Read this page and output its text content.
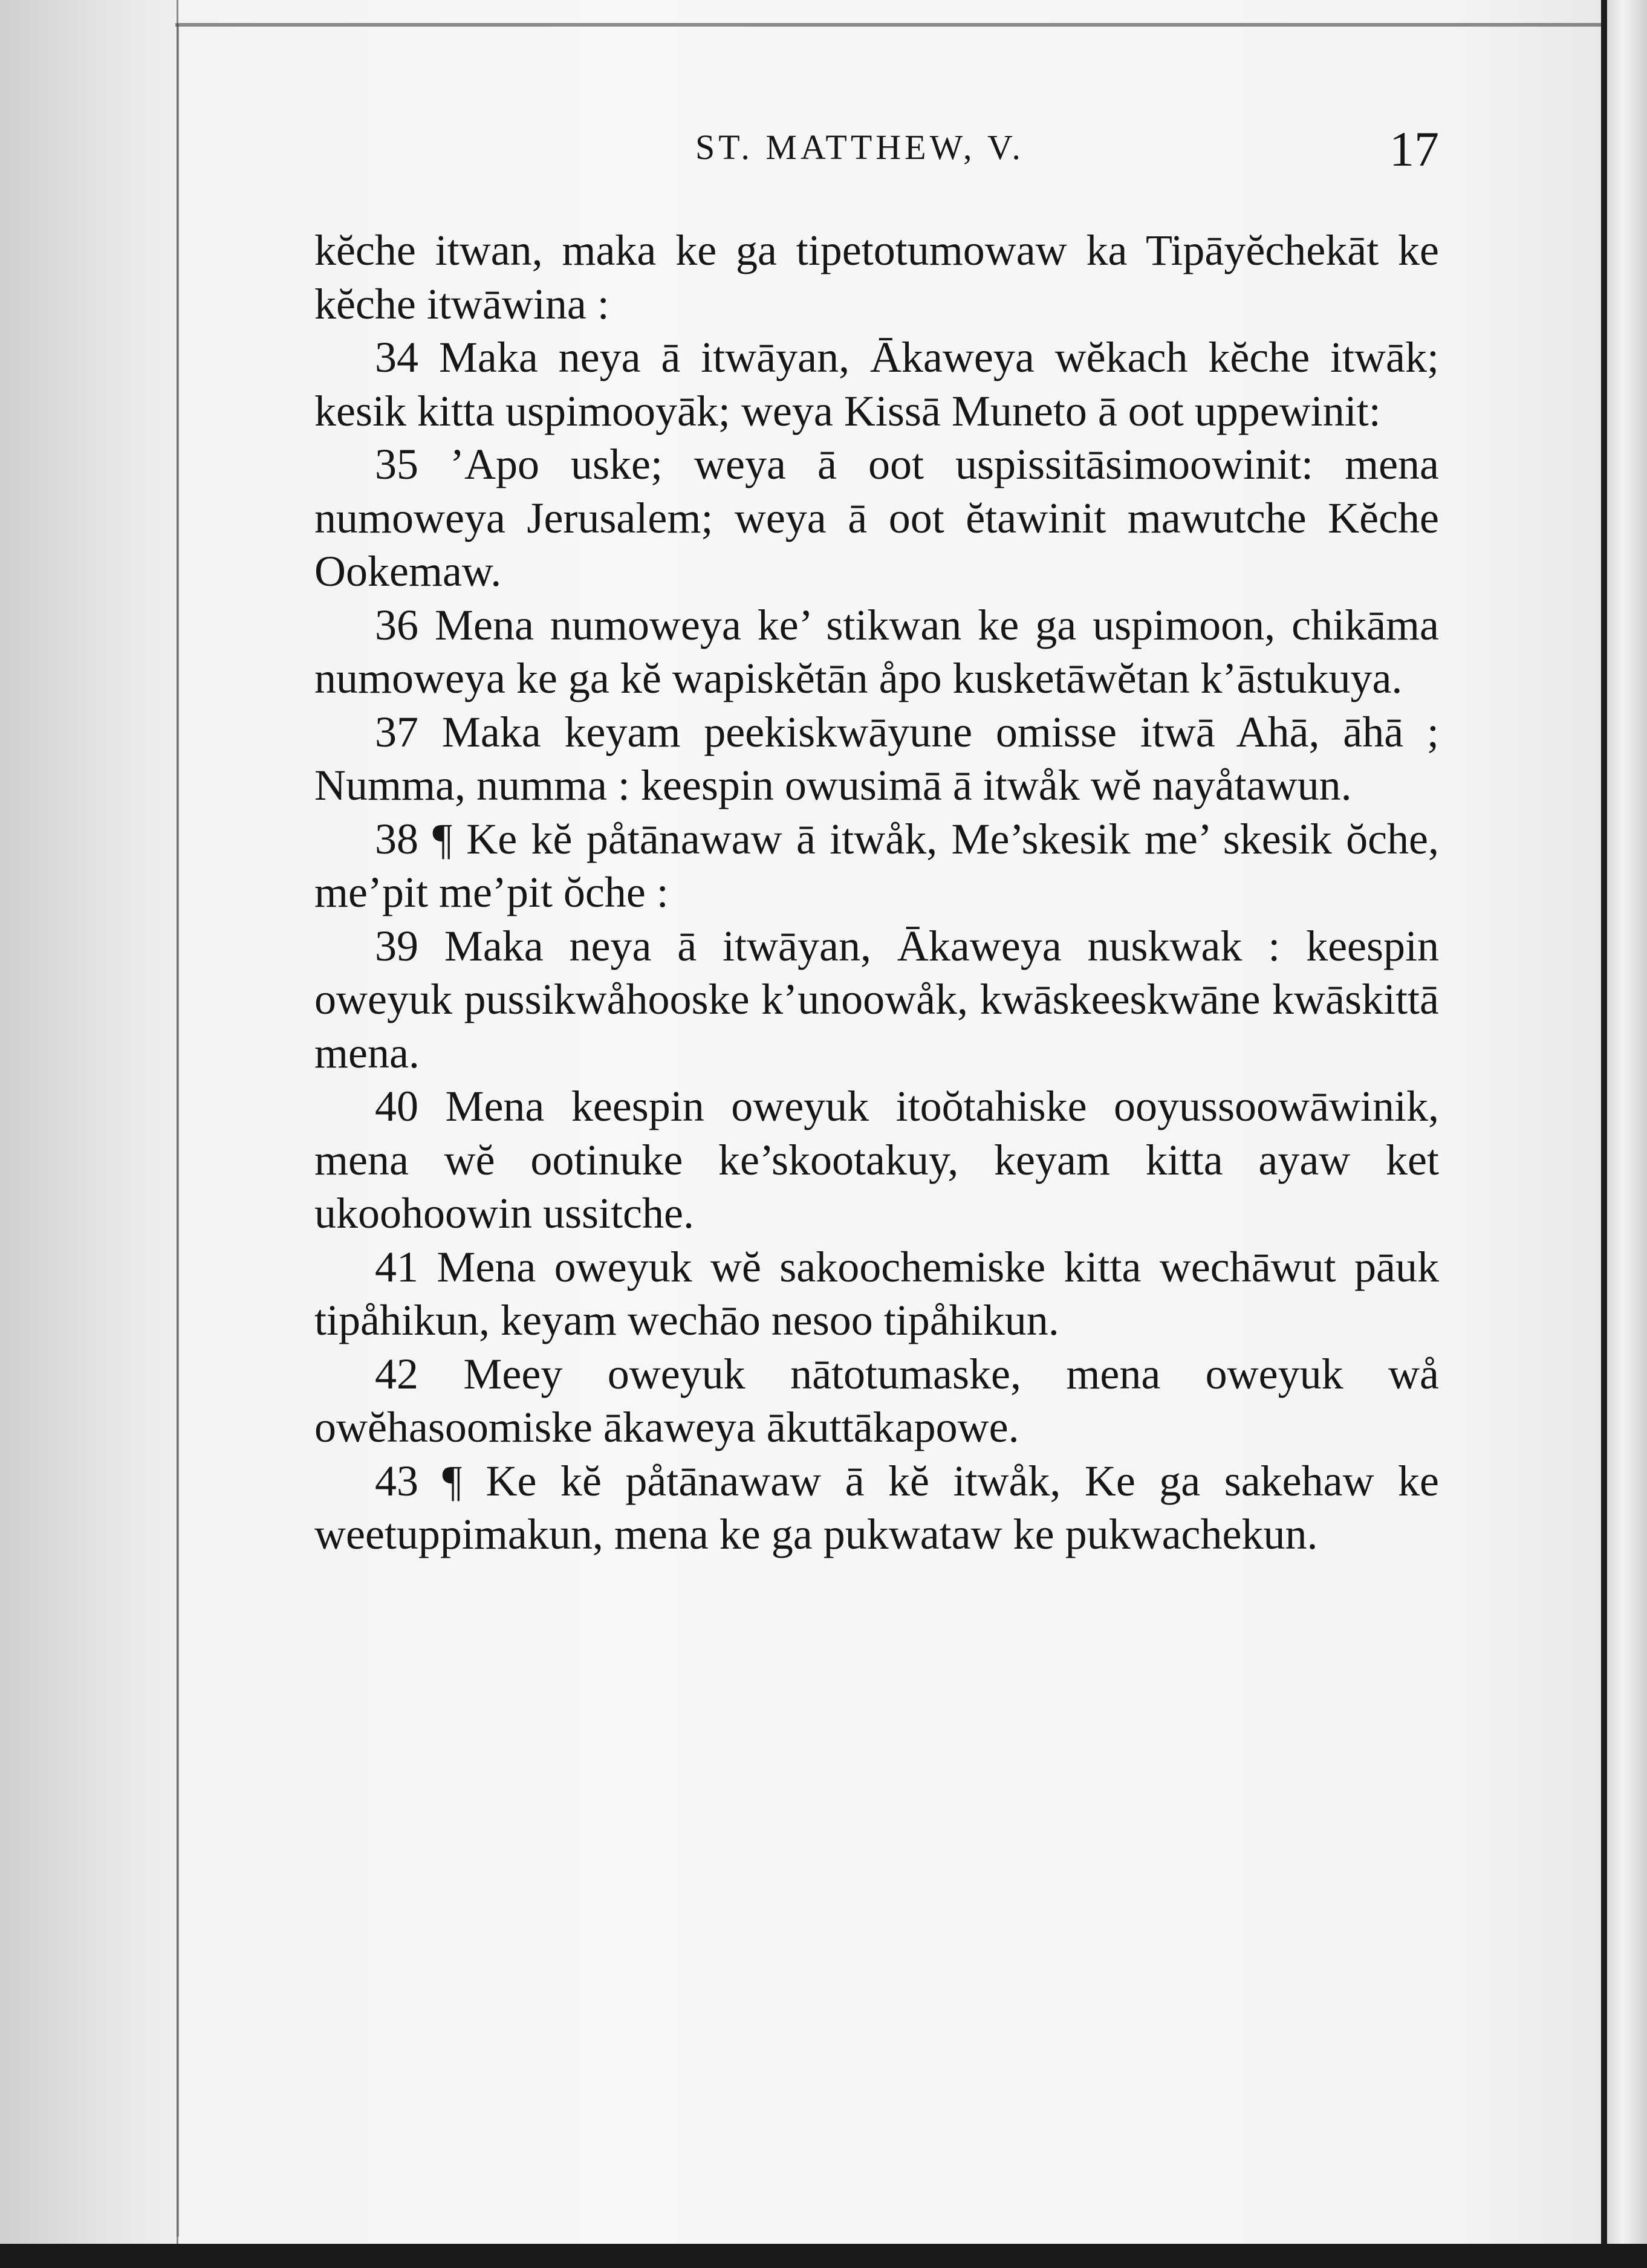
ST. MATTHEW, V.	17

kĕche itwan, maka ke ga tipetotumowaw ka Tipāyĕchekāt ke kĕche itwāwina :

34 Maka neya ā itwāyan, Ākaweya wĕkach kĕche itwāk; kesik kitta uspimooyāk; weya Kissā Muneto ā oot uppewinit:

35 ’Apo uske; weya ā oot uspissitāsimoowinit: mena numoweya Jerusalem; weya ā oot ĕtawinit mawutche Kĕche Ookemaw.

36 Mena numoweya ke’ stikwan ke ga uspimoon, chikāma numoweya ke ga kĕ wapiskĕtān åpo kusketāwĕtan k’āstukuya.

37 Maka keyam peekiskwāyune omisse itwā Ahā, āhā ; Numma, numma : keespin owusimā ā itwåk wĕ nayåtawun.

38 ¶ Ke kĕ påtānawaw ā itwåk, Me’skesik me’ skesik ŏche, me’pit me’pit ŏche :

39 Maka neya ā itwāyan, Ākaweya nuskwak : keespin oweyuk pussikwåhooske k’unoowåk, kwāskeeskwāne kwāskittā mena.

40 Mena keespin oweyuk itoŏtahiske ooyussoowāwinik, mena wĕ ootinuke ke’skootakuy, keyam kitta ayaw ket ukoohoowin ussitche.

41 Mena oweyuk wĕ sakoochemiske kitta wechāwut pāuk tipåhikun, keyam wechāo nesoo tipåhikun.

42 Meey oweyuk nātotumaske, mena oweyuk wå owĕhasoomiske ākaweya ākuttākapowe.

43 ¶ Ke kĕ påtānawaw ā kĕ itwåk, Ke ga sakehaw ke weetuppimakun, mena ke ga pukwataw ke pukwachekun.
